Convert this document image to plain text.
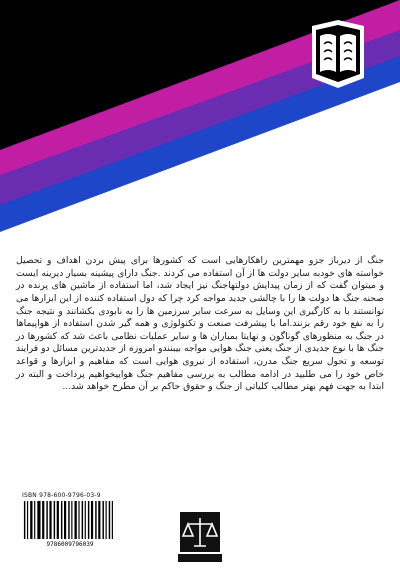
جنگ از دیرباز جزو مهمترین راهکارهایی است که کشورها برای پیش بردن اهداف و تحصیل خواسته های خودبه سایر دولت ها از آن استفاده می کردند .جنگ دارای پیشینه بسیار دیرینه ایست و میتوان گفت که از زمان پیدایش دولتهاجنگ نیز ایجاد شد، اما استفاده از ماشین های پرنده در صحنه جنگ ها دولت ها را با چالشی جدید مواجه کرد چرا که دول استفاده کننده از این ابزارها می توانستند با به کارگیری این وسایل به سرعت سایر سرزمین ها را به نابودی بکشانند و نتیجه جنگ را به نفع خود رقم بزنند.اما با پیشرفت صنعت و تکنولوژی و همه گیر شدن استفاده از هواپیماها در جنگ به منظورهای گوناگون و نهایتا بمباران ها و سایر عملیات نظامی باعث شد که کشورها در جنگ ها با نوع جدیدی از جنگ یعنی جنگ هوایی مواجه بیبنندو امروزه از جدیدترین مسائل دو فرایند توسعه و تحول سریع جنگ مدرن، استفاده از نیروی هوایی است که مفاهیم و ابزارها و قواعد خاص خود را می طلبید در ادامه مطالب به بررسی مفاهیم جنگ هواییخواهیم پرداخت و البته در ابتدا به جهت فهم بهتر مطالب کلیاتی از جنگ و حقوق حاکم بر آن مطرح خواهد شد...

ISBN 978-600-9796-03-9
9786009796039
